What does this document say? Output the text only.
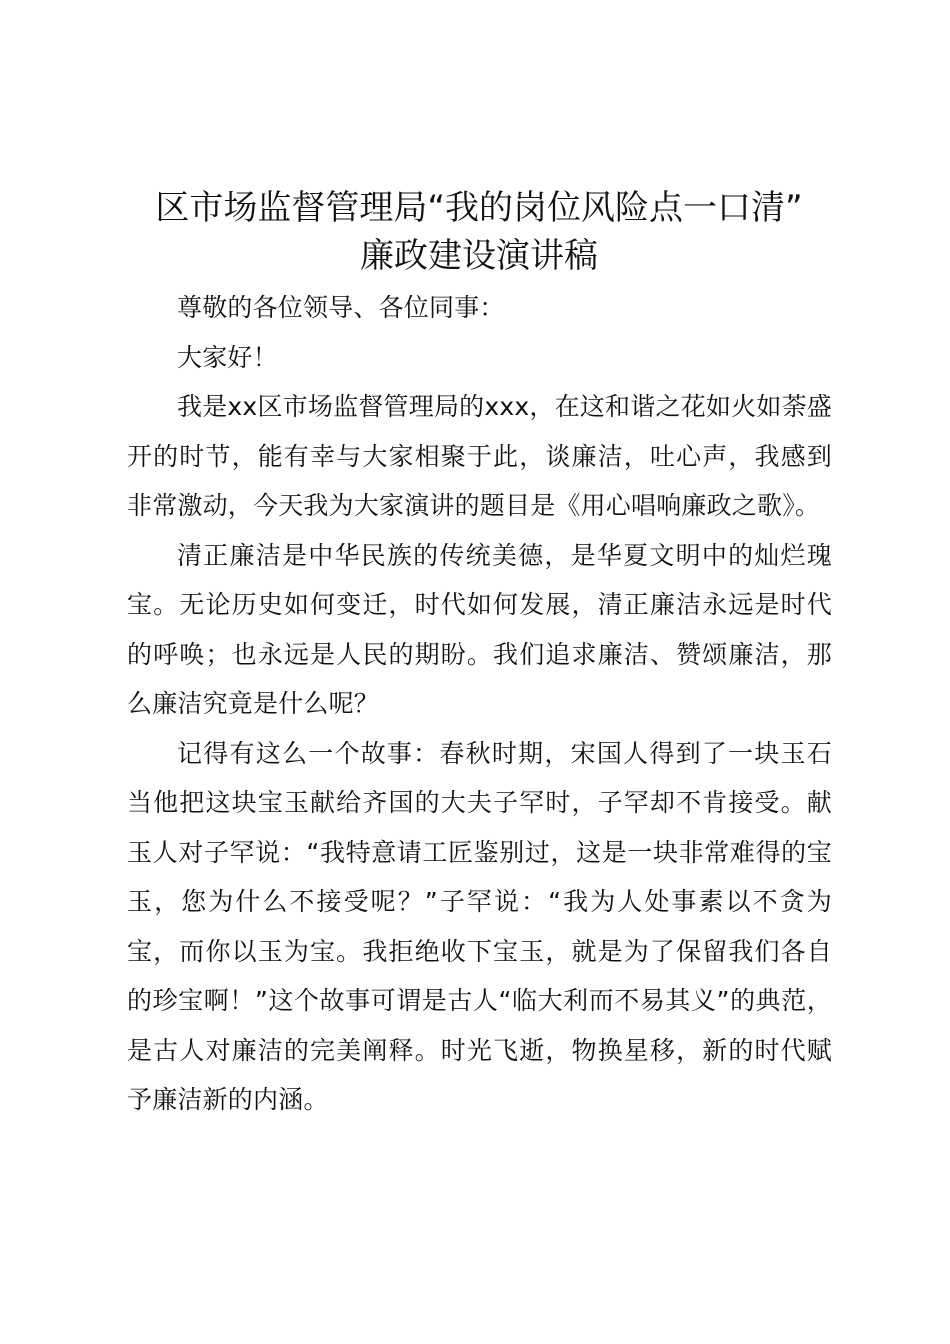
区市场监督管理局“我的岗位风险点一口清”
廉政建设演讲稿

尊敬的各位领导、各位同事：

大家好！

我是xx区市场监督管理局的xxx，在这和谐之花如火如荼盛开的时节，能有幸与大家相聚于此，谈廉洁，吐心声，我感到非常激动，今天我为大家演讲的题目是《用心唱响廉政之歌》。

清正廉洁是中华民族的传统美德，是华夏文明中的灿烂瑰宝。无论历史如何变迁，时代如何发展，清正廉洁永远是时代的呼唤；也永远是人民的期盼。我们追求廉洁、赞颂廉洁，那么廉洁究竟是什么呢？

记得有这么一个故事：春秋时期，宋国人得到了一块玉石当他把这块宝玉献给齐国的大夫子罕时，子罕却不肯接受。献玉人对子罕说：“我特意请工匠鉴别过，这是一块非常难得的宝玉，您为什么不接受呢？”子罕说：“我为人处事素以不贪为宝，而你以玉为宝。我拒绝收下宝玉，就是为了保留我们各自的珍宝啊！”这个故事可谓是古人“临大利而不易其义”的典范，是古人对廉洁的完美阐释。时光飞逝，物换星移，新的时代赋予廉洁新的内涵。
